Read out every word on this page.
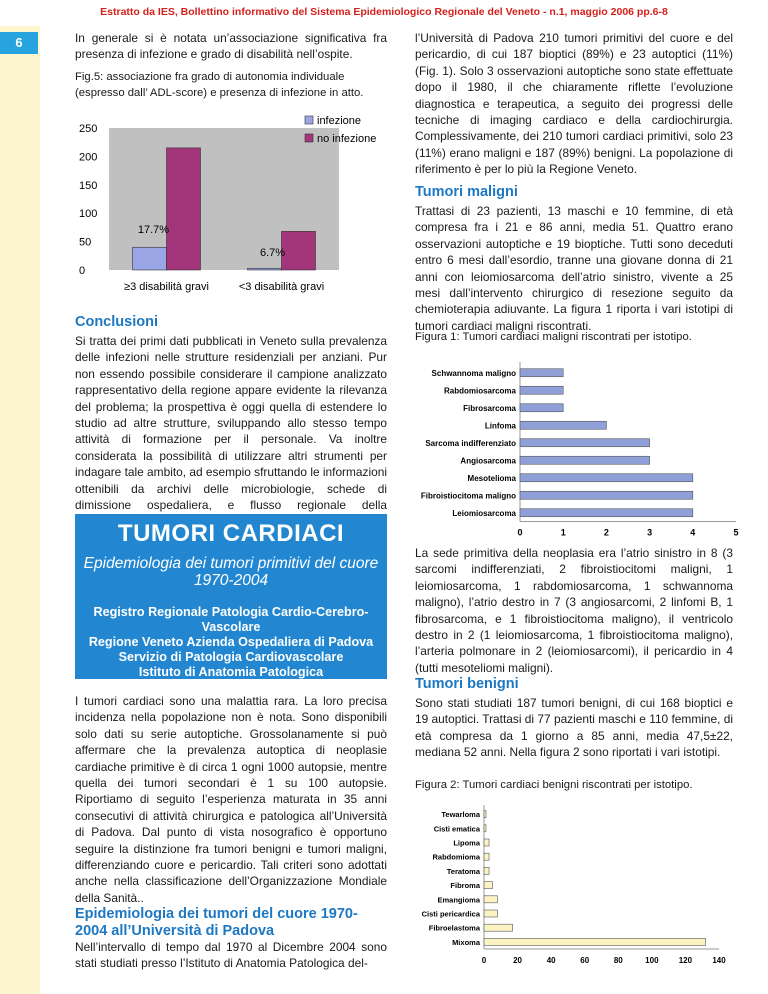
Estratto da IES, Bollettino informativo del Sistema Epidemiologico Regionale del Veneto - n.1, maggio 2006 pp.6-8
6	In generale si è notata un’associazione significativa fra presenza di infezione e grado di disabilità nell’ospite.

Fig.5: associazione fra grado di autonomia individuale (espresso dall’ ADL-score) e presenza di infezione in atto.

0
50
100
150
200
250
≥3 disabilità gravi	<3 disabilità gravi
17.7%
6.7%
infezione
no infezione
Conclusioni

Si tratta dei primi dati pubblicati in Veneto sulla prevalenza delle infezioni nelle strutture residenziali per anziani. Pur non essendo possibile considerare il campione analizzato rappresentativo della regione appare evidente la rilevanza del problema; la prospettiva è oggi quella di estendere lo studio ad altre strutture, sviluppando allo stesso tempo attività di formazione per il personale. Va inoltre considerata la possibilità di utilizzare altri strumenti per indagare tale ambito, ad esempio sfruttando le informazioni ottenibili da archivi delle microbiologie, schede di dimissione ospedaliera, e flusso regionale della

TUMORI CARDIACI
Epidemiologia dei tumori primitivi del cuore
1970-2004
Registro Regionale Patologia Cardio-Cerebro-Vascolare
Regione Veneto Azienda Ospedaliera di Padova
Servizio di Patologia Cardiovascolare
Istituto di Anatomia Patologica
Direttore: Prof. Gaetano Thiene

I tumori cardiaci sono una malattia rara. La loro precisa incidenza nella popolazione non è nota. Sono disponibili solo dati su serie autoptiche. Grossolanamente si può affermare che la prevalenza autoptica di neoplasie cardiache primitive è di circa 1 ogni 1000 autopsie, mentre quella dei tumori secondari è 1 su 100 autopsie. Riportiamo di seguito l’esperienza maturata in 35 anni consecutivi di attività chirurgica e patologica all’Università di Padova. Dal punto di vista nosografico è opportuno seguire la distinzione fra tumori benigni e tumori maligni, differenziando cuore e pericardio. Tali criteri sono adottati anche nella classificazione dell’Organizzazione Mondiale della Sanità..

Epidemiologia dei tumori del cuore 1970-2004 all’Università di Padova

Nell’intervallo di tempo dal 1970 al Dicembre 2004 sono stati studiati presso l’Istituto di Anatomia Patologica del-

l’Università di Padova 210 tumori primitivi del cuore e del pericardio, di cui 187 bioptici (89%) e 23 autoptici (11%) (Fig. 1). Solo 3 osservazioni autoptiche sono state effettuate dopo il 1980, il che chiaramente riflette l’evoluzione diagnostica e terapeutica, a seguito dei progressi delle tecniche di imaging cardiaco e della cardiochirurgia. Complessivamente, dei 210 tumori cardiaci primitivi, solo 23 (11%) erano maligni e 187 (89%) benigni. La popolazione di riferimento è per lo più la Regione Veneto.

Tumori maligni

Trattasi di 23 pazienti, 13 maschi e 10 femmine, di età compresa fra i 21 e 86 anni, media 51. Quattro erano osservazioni autoptiche e 19 bioptiche. Tutti sono deceduti entro 6 mesi dall’esordio, tranne una giovane donna di 21 anni con leiomiosarcoma dell’atrio sinistro, vivente a 25 mesi dall’intervento chirurgico di resezione seguito da chemioterapia adiuvante. La figura 1 riporta i vari istotipi di tumori cardiaci maligni riscontrati.

Figura 1: Tumori cardiaci maligni riscontrati per istotipo.

Schwannoma maligno
Rabdomiosarcoma
Fibrosarcoma
Linfoma
Sarcoma indifferenziato
Angiosarcoma
Mesotelioma
Fibroistiocitoma maligno
Leiomiosarcoma
0	1	2	3	4	5

La sede primitiva della neoplasia era l’atrio sinistro in 8 (3 sarcomi indifferenziati, 2 fibroistiocitomi maligni, 1 leiomiosarcoma, 1 rabdomiosarcoma, 1 schwannoma maligno), l’atrio destro in 7 (3 angiosarcomi, 2 linfomi B, 1 fibrosarcoma, e 1 fibroistiocitoma maligno), il ventricolo destro in 2 (1 leiomiosarcoma, 1 fibroistiocitoma maligno), l’arteria polmonare in 2 (leiomiosarcomi), il pericardio in 4 (tutti mesoteliomi maligni).

Tumori benigni

Sono stati studiati 187 tumori benigni, di cui 168 bioptici e 19 autoptici. Trattasi di 77 pazienti maschi e 110 femmine, di età compresa da 1 giorno a 85 anni, media 47,5±22, mediana 52 anni. Nella figura 2 sono riportati i vari istotipi.

Figura 2: Tumori cardiaci benigni riscontrati per istotipo.

Tewarloma
Cisti ematica
Lipoma
Rabdomioma
Teratoma
Fibroma
Emangioma
Cisti pericardica
Fibroelastoma
Mixoma
0	20	40	60	80	100	120	140
